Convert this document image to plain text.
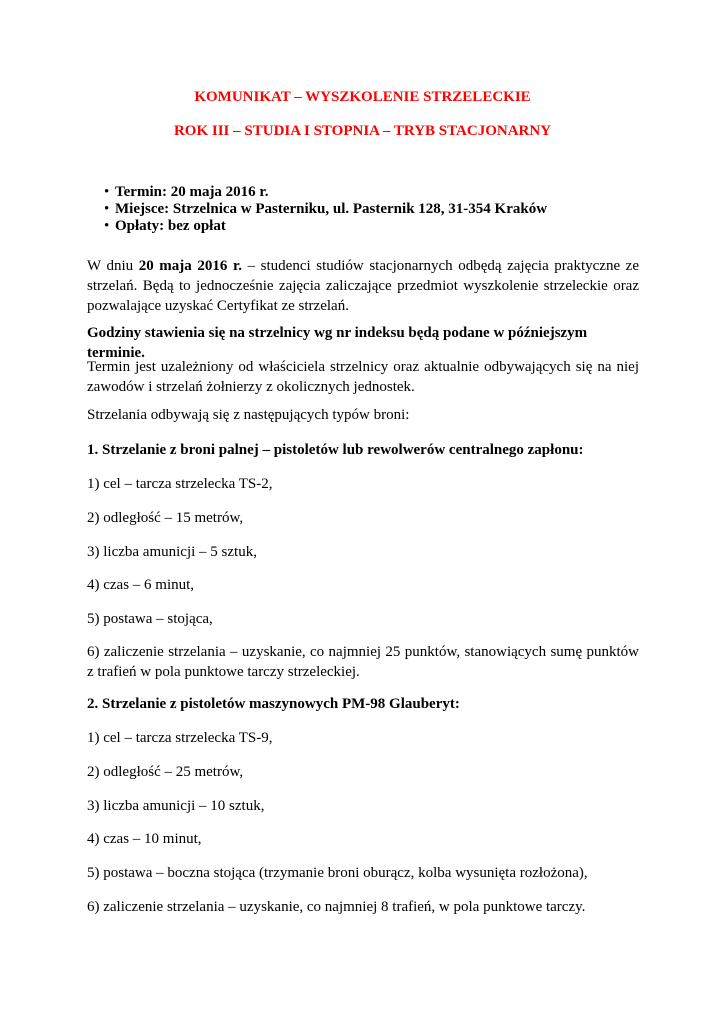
KOMUNIKAT – WYSZKOLENIE STRZELECKIE
ROK III – STUDIA I STOPNIA – TRYB STACJONARNY
• Termin: 20 maja 2016 r.
• Miejsce: Strzelnica w Pasterniku, ul. Pasternik 128, 31-354 Kraków
• Opłaty: bez opłat
W dniu 20 maja 2016 r. – studenci studiów stacjonarnych odbędą zajęcia praktyczne ze strzelań. Będą to jednocześnie zajęcia zaliczające przedmiot wyszkolenie strzeleckie oraz pozwalające uzyskać Certyfikat ze strzelań.
Godziny stawienia się na strzelnicy wg nr indeksu będą podane w późniejszym terminie.
Termin jest uzależniony od właściciela strzelnicy oraz aktualnie odbywających się na niej zawodów i strzelań żołnierzy z okolicznych jednostek.
Strzelania odbywają się z następujących typów broni:
1. Strzelanie z broni palnej – pistoletów lub rewolwerów centralnego zapłonu:
1) cel – tarcza strzelecka TS-2,
2) odległość – 15 metrów,
3) liczba amunicji – 5 sztuk,
4) czas – 6 minut,
5) postawa – stojąca,
6) zaliczenie strzelania – uzyskanie, co najmniej 25 punktów, stanowiących sumę punktów z trafień w pola punktowe tarczy strzeleckiej.
2. Strzelanie z pistoletów maszynowych PM-98 Glauberyt:
1) cel – tarcza strzelecka TS-9,
2) odległość – 25 metrów,
3) liczba amunicji – 10 sztuk,
4) czas – 10 minut,
5) postawa – boczna stojąca (trzymanie broni oburącz, kolba wysunięta rozłożona),
6) zaliczenie strzelania – uzyskanie, co najmniej 8 trafień, w pola punktowe tarczy.
